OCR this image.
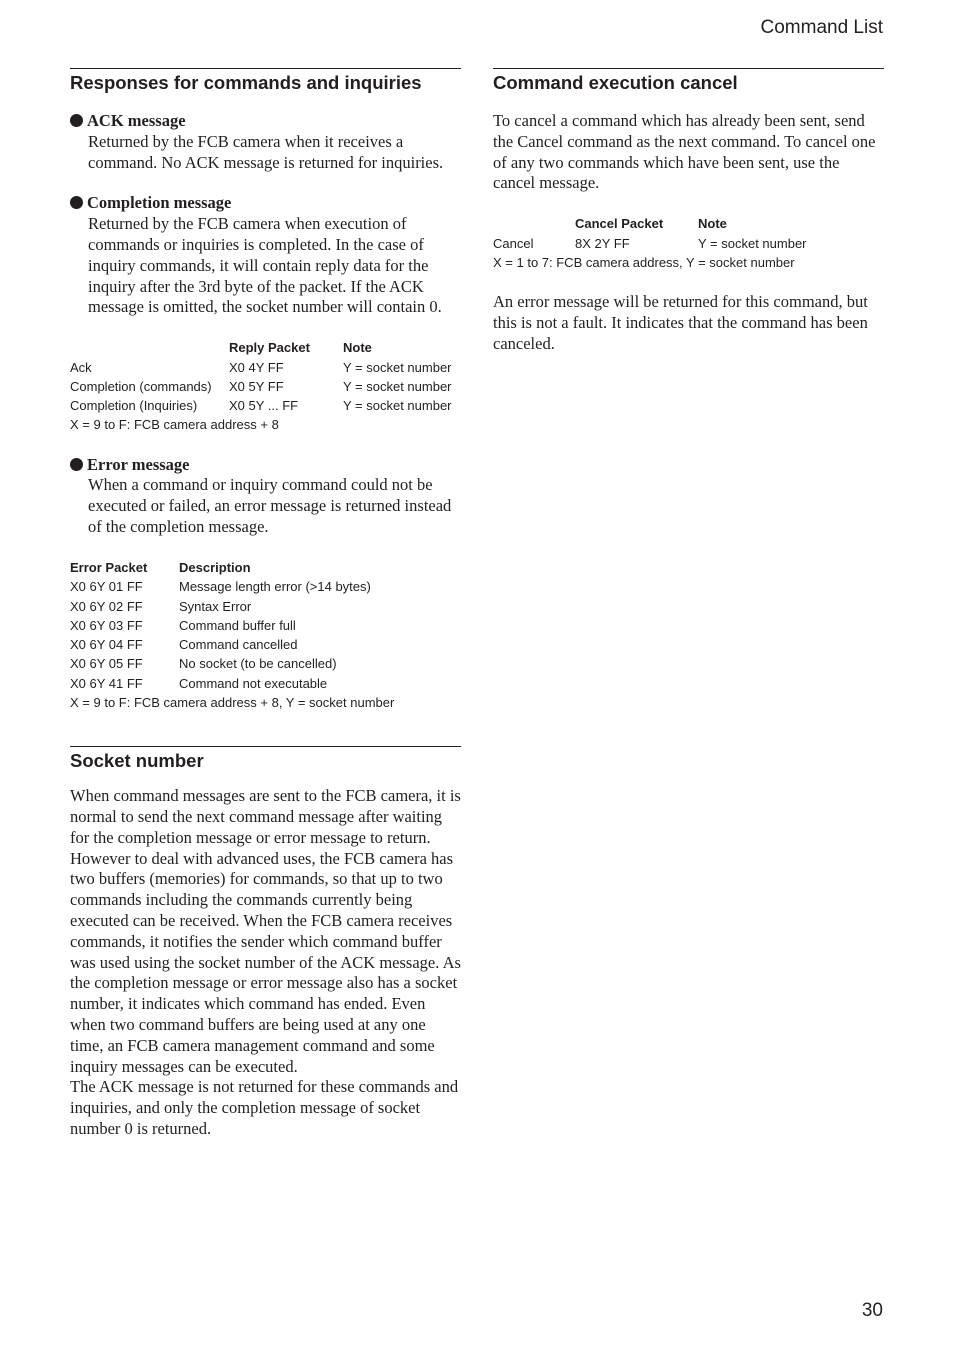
Command List
Responses for commands and inquiries

ACK message

Returned by the FCB camera when it receives a command. No ACK message is returned for inquiries.

Completion message

Returned by the FCB camera when execution of commands or inquiries is completed. In the case of inquiry commands, it will contain reply data for the inquiry after the 3rd byte of the packet. If the ACK message is omitted, the socket number will contain 0.

	Reply Packet	Note
Ack	X0 4Y FF	Y = socket number
Completion (commands)	X0 5Y FF	Y = socket number
Completion (Inquiries)	X0 5Y ... FF	Y = socket number

X = 9 to F: FCB camera address + 8

Error message

When a command or inquiry command could not be executed or failed, an error message is returned instead of the completion message.

Error Packet	Description
X0 6Y 01 FF	Message length error (>14 bytes)
X0 6Y 02 FF	Syntax Error
X0 6Y 03 FF	Command buffer full
X0 6Y 04 FF	Command cancelled
X0 6Y 05 FF	No socket (to be cancelled)
X0 6Y 41 FF	Command not executable

X = 9 to F: FCB camera address + 8, Y = socket number

Socket number

When command messages are sent to the FCB camera, it is normal to send the next command message after waiting for the completion message or error message to return. However to deal with advanced uses, the FCB camera has two buffers (memories) for commands, so that up to two commands including the commands currently being executed can be received. When the FCB camera receives commands, it notifies the sender which command buffer was used using the socket number of the ACK message. As the completion message or error message also has a socket number, it indicates which command has ended. Even when two command buffers are being used at any one time, an FCB camera management command and some inquiry messages can be executed.

The ACK message is not returned for these commands and inquiries, and only the completion message of socket number 0 is returned.

Command execution cancel

To cancel a command which has already been sent, send the Cancel command as the next command. To cancel one of any two commands which have been sent, use the cancel message.

	Cancel Packet	Note
Cancel	8X 2Y FF	Y = socket number

X = 1 to 7: FCB camera address, Y = socket number

An error message will be returned for this command, but this is not a fault. It indicates that the command has been canceled.

30
